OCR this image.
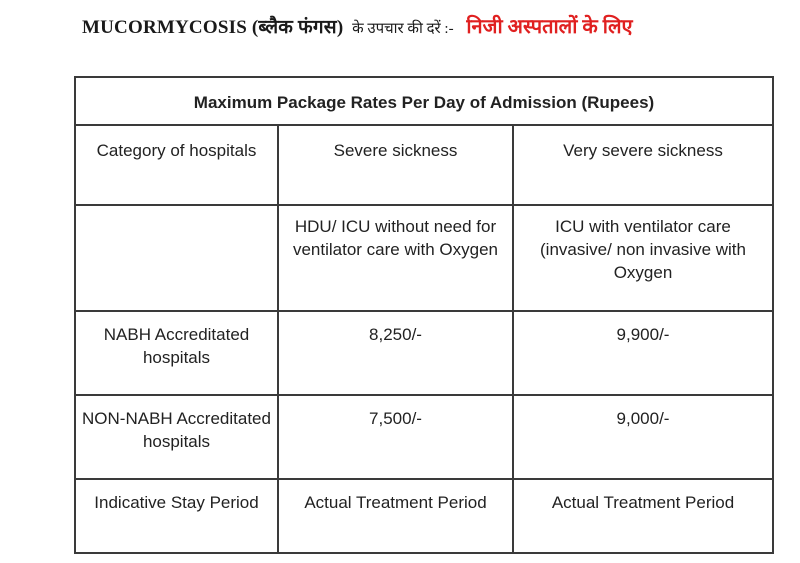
MUCORMYCOSIS (ब्लैक फंगस) के उपचार की दरें :- निजी अस्पतालों के लिए
Maximum Package Rates Per Day of Admission (Rupees)		
Category of hospitals	Severe sickness	Very severe sickness
	HDU/ ICU without need for ventilator care with Oxygen	ICU with ventilator care (invasive/ non invasive with Oxygen
NABH Accreditated hospitals	8,250/-	9,900/-
NON-NABH Accreditated hospitals	7,500/-	9,000/-
Indicative Stay Period	Actual Treatment Period	Actual Treatment Period
